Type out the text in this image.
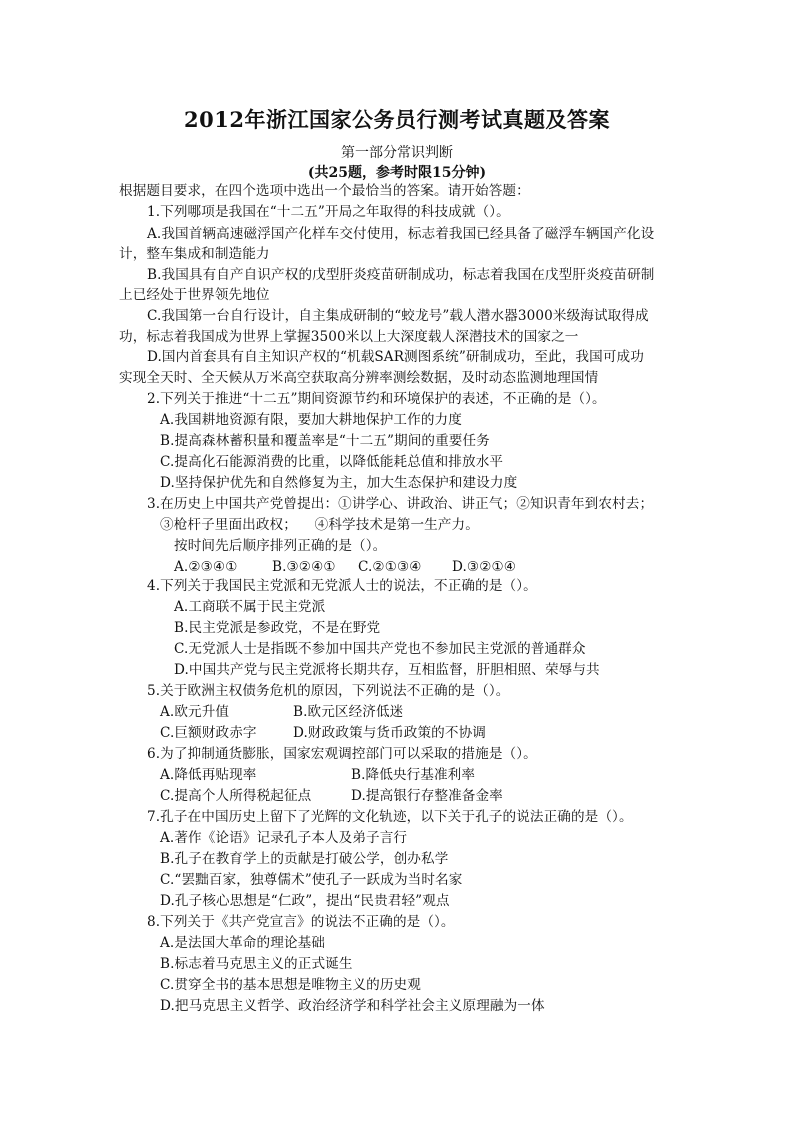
2012年浙江国家公务员行测考试真题及答案
第一部分常识判断
(共25题，参考时限15分钟)
根据题目要求，在四个选项中选出一个最恰当的答案。请开始答题：
1.下列哪项是我国在“十二五”开局之年取得的科技成就（）。
A.我国首辆高速磁浮国产化样车交付使用，标志着我国已经具备了磁浮车辆国产化设
计，整车集成和制造能力
B.我国具有自产自识产权的戊型肝炎疫苗研制成功，标志着我国在戊型肝炎疫苗研制
上已经处于世界领先地位
C.我国第一台自行设计，自主集成研制的“蛟龙号”载人潜水器3000米级海试取得成
功，标志着我国成为世界上掌握3500米以上大深度载人深潜技术的国家之一
D.国内首套具有自主知识产权的“机载SAR测图系统”研制成功，至此，我国可成功
实现全天时、全天候从万米高空获取高分辨率测绘数据，及时动态监测地理国情
2.下列关于推进“十二五”期间资源节约和环境保护的表述，不正确的是（）。
A.我国耕地资源有限，要加大耕地保护工作的力度
B.提高森林蓄积量和覆盖率是“十二五”期间的重要任务
C.提高化石能源消费的比重，以降低能耗总值和排放水平
D.坚持保护优先和自然修复为主，加大生态保护和建设力度
3.在历史上中国共产党曾提出：①讲学心、讲政治、讲正气；②知识青年到农村去；
③枪杆子里面出政权；    ④科学技术是第一生产力。
按时间先后顺序排列正确的是（）。
A.②③④①	B.③②④① C.②①③④ D.③②①④
4.下列关于我国民主党派和无党派人士的说法，不正确的是（）。
A.工商联不属于民主党派
B.民主党派是参政党，不是在野党
C.无党派人士是指既不参加中国共产党也不参加民主党派的普通群众
D.中国共产党与民主党派将长期共存，互相监督，肝胆相照、荣辱与共
5.关于欧洲主权债务危机的原因，下列说法不正确的是（）。
A.欧元升值	B.欧元区经济低迷
C.巨额财政赤字	D.财政政策与货币政策的不协调
6.为了抑制通货膨胀，国家宏观调控部门可以采取的措施是（）。
A.降低再贴现率	B.降低央行基准利率
C.提高个人所得税起征点	D.提高银行存整准备金率
7.孔子在中国历史上留下了光辉的文化轨迹，以下关于孔子的说法正确的是（）。
A.著作《论语》记录孔子本人及弟子言行
B.孔子在教育学上的贡献是打破公学，创办私学
C.“罢黜百家，独尊儒术”使孔子一跃成为当时名家
D.孔子核心思想是“仁政”，提出“民贵君轻”观点
8.下列关于《共产党宣言》的说法不正确的是（）。
A.是法国大革命的理论基础
B.标志着马克思主义的正式诞生
C.贯穿全书的基本思想是唯物主义的历史观
D.把马克思主义哲学、政治经济学和科学社会主义原理融为一体
